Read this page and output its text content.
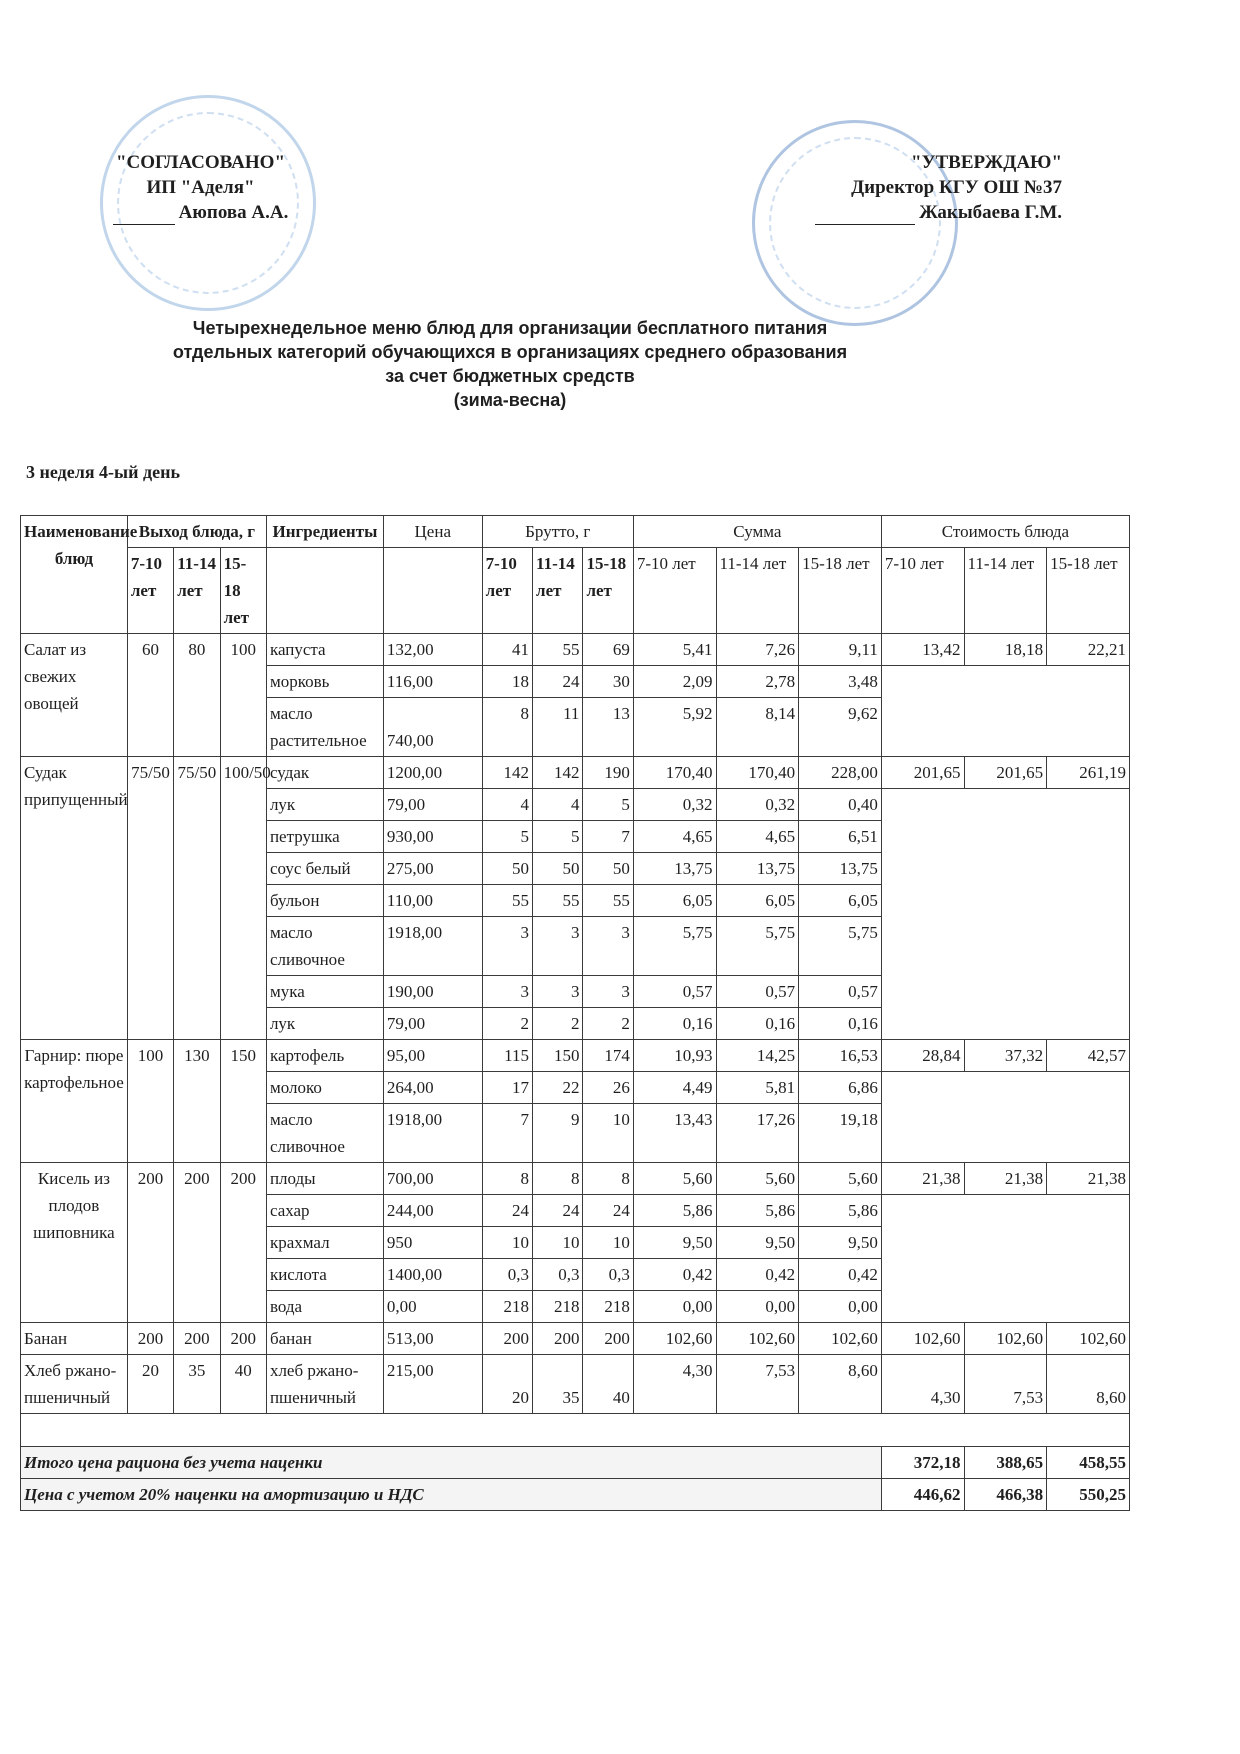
"СОГЛАСОВАНО"
ИП "Аделя"
Аюпова А.А.
"УТВЕРЖДАЮ"
Директор КГУ ОШ №37
Жакыбаева Г.М.
Четырехнедельное меню блюд для организации бесплатного питания
отдельных категорий обучающихся в организациях среднего образования
за счет бюджетных средств
(зима-весна)
3 неделя 4-ый день
Наименование блюд	Выход блюда, г			Ингредиенты	Цена	Брутто, г			Сумма			Стоимость блюда		
	7-10 лет	11-14 лет	15-18 лет			7-10 лет	11-14 лет	15-18 лет	7-10 лет	11-14 лет	15-18 лет	7-10 лет	11-14 лет	15-18 лет
Салат из свежих овощей	60	80	100	капуста	132,00	41	55	69	5,41	7,26	9,11	13,42	18,18	22,21
				морковь	116,00	18	24	30	2,09	2,78	3,48			
				масло растительное	740,00	8	11	13	5,92	8,14	9,62			
Судак припущенный	75/50	75/50	100/50	судак	1200,00	142	142	190	170,40	170,40	228,00	201,65	201,65	261,19
				лук	79,00	4	4	5	0,32	0,32	0,40			
				петрушка	930,00	5	5	7	4,65	4,65	6,51			
				соус белый	275,00	50	50	50	13,75	13,75	13,75			
				бульон	110,00	55	55	55	6,05	6,05	6,05			
				масло сливочное	1918,00	3	3	3	5,75	5,75	5,75			
				мука	190,00	3	3	3	0,57	0,57	0,57			
				лук	79,00	2	2	2	0,16	0,16	0,16			
Гарнир: пюре картофельное	100	130	150	картофель	95,00	115	150	174	10,93	14,25	16,53	28,84	37,32	42,57
				молоко	264,00	17	22	26	4,49	5,81	6,86			
				масло сливочное	1918,00	7	9	10	13,43	17,26	19,18			
Кисель из плодов шиповника	200	200	200	плоды	700,00	8	8	8	5,60	5,60	5,60	21,38	21,38	21,38
				сахар	244,00	24	24	24	5,86	5,86	5,86			
				крахмал	950	10	10	10	9,50	9,50	9,50			
				кислота	1400,00	0,3	0,3	0,3	0,42	0,42	0,42			
				вода	0,00	218	218	218	0,00	0,00	0,00			
Банан	200	200	200	банан	513,00	200	200	200	102,60	102,60	102,60	102,60	102,60	102,60
Хлеб ржано-пшеничный	20	35	40	хлеб ржано-пшеничный	215,00	20	35	40	4,30	7,53	8,60	4,30	7,53	8,60

Итого цена рациона без учета наценки												372,18	388,65	458,55
Цена с учетом 20% наценки на амортизацию и НДС												446,62	466,38	550,25
